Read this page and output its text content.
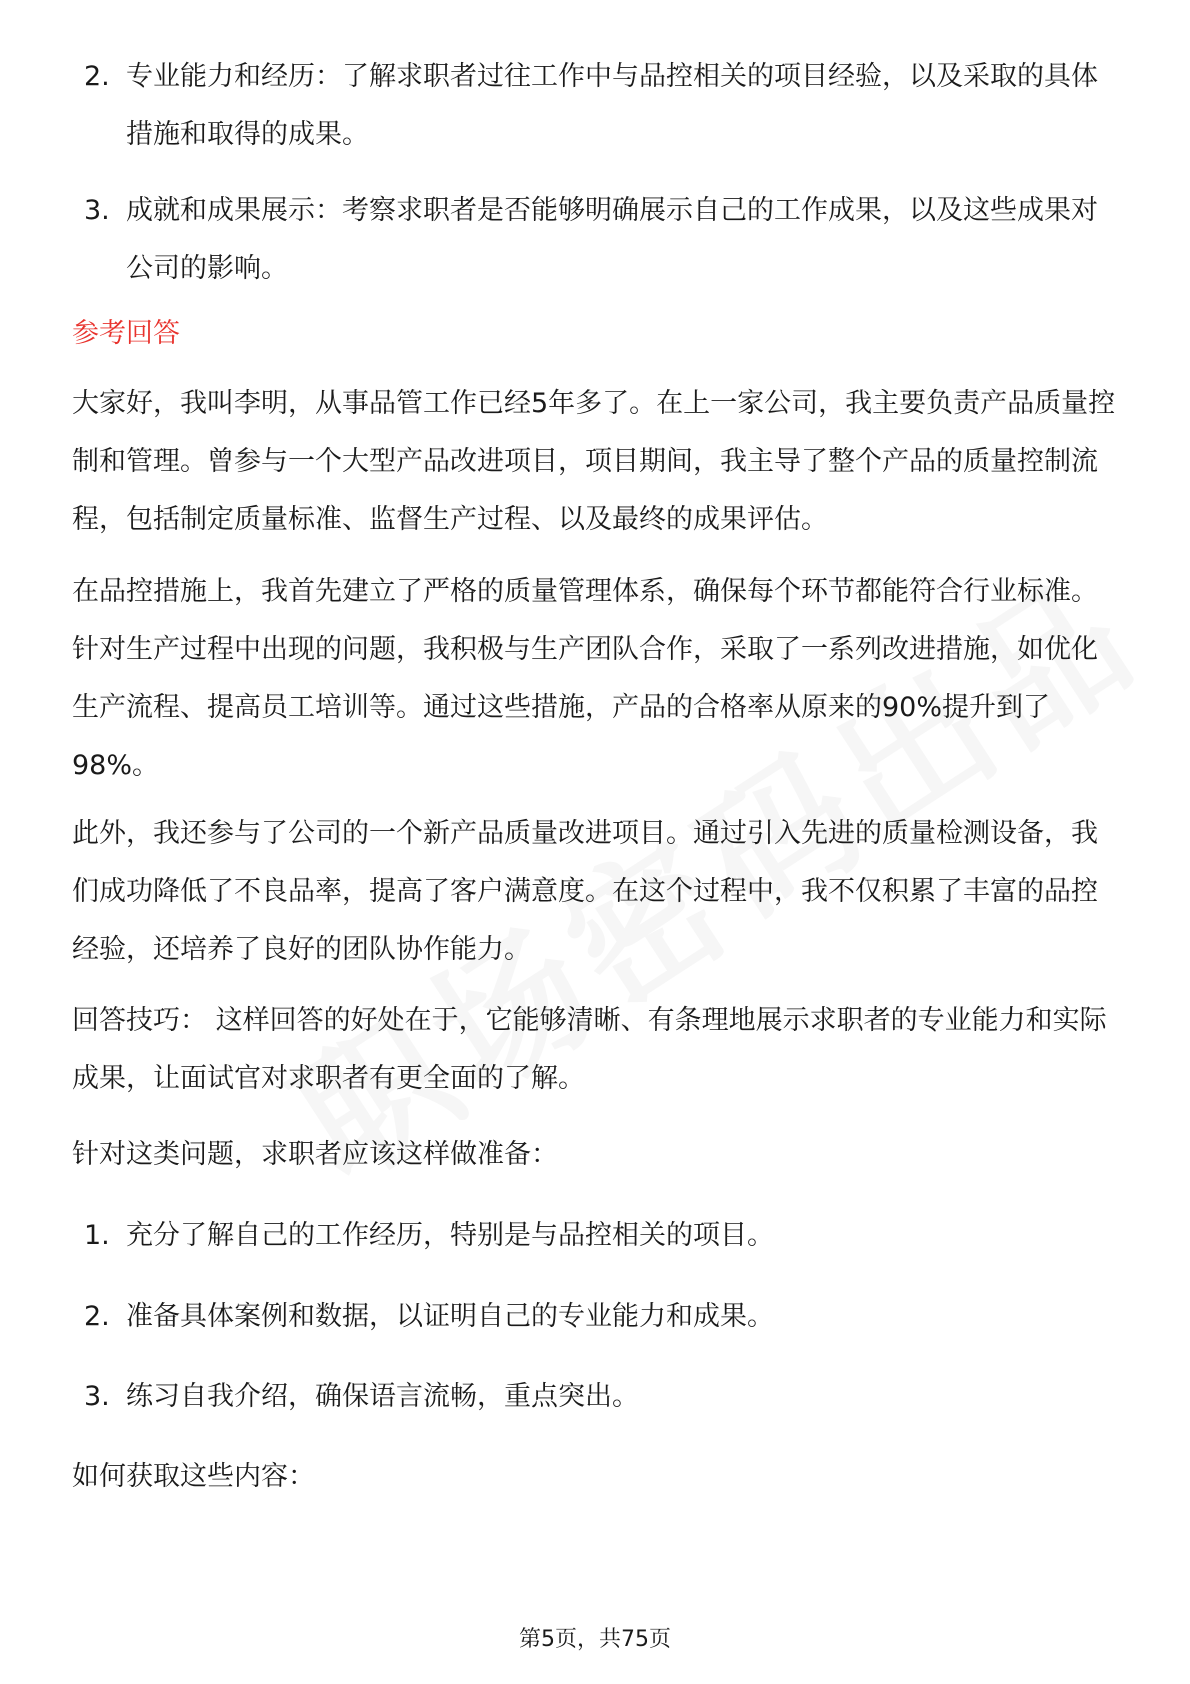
2. 专业能力和经历：了解求职者过往工作中与品控相关的项目经验，以及采取的具体措施和取得的成果。
3. 成就和成果展示：考察求职者是否能够明确展示自己的工作成果，以及这些成果对公司的影响。

参考回答

大家好，我叫李明，从事品管工作已经5年多了。在上一家公司，我主要负责产品质量控制和管理。曾参与一个大型产品改进项目，项目期间，我主导了整个产品的质量控制流程，包括制定质量标准、监督生产过程、以及最终的成果评估。

在品控措施上，我首先建立了严格的质量管理体系，确保每个环节都能符合行业标准。针对生产过程中出现的问题，我积极与生产团队合作，采取了一系列改进措施，如优化生产流程、提高员工培训等。通过这些措施，产品的合格率从原来的90%提升到了98%。

此外，我还参与了公司的一个新产品质量改进项目。通过引入先进的质量检测设备，我们成功降低了不良品率，提高了客户满意度。在这个过程中，我不仅积累了丰富的品控经验，还培养了良好的团队协作能力。

回答技巧： 这样回答的好处在于，它能够清晰、有条理地展示求职者的专业能力和实际成果，让面试官对求职者有更全面的了解。

针对这类问题，求职者应该这样做准备：

1. 充分了解自己的工作经历，特别是与品控相关的项目。
2. 准备具体案例和数据，以证明自己的专业能力和成果。
3. 练习自我介绍，确保语言流畅，重点突出。

如何获取这些内容：

第5页，共75页
